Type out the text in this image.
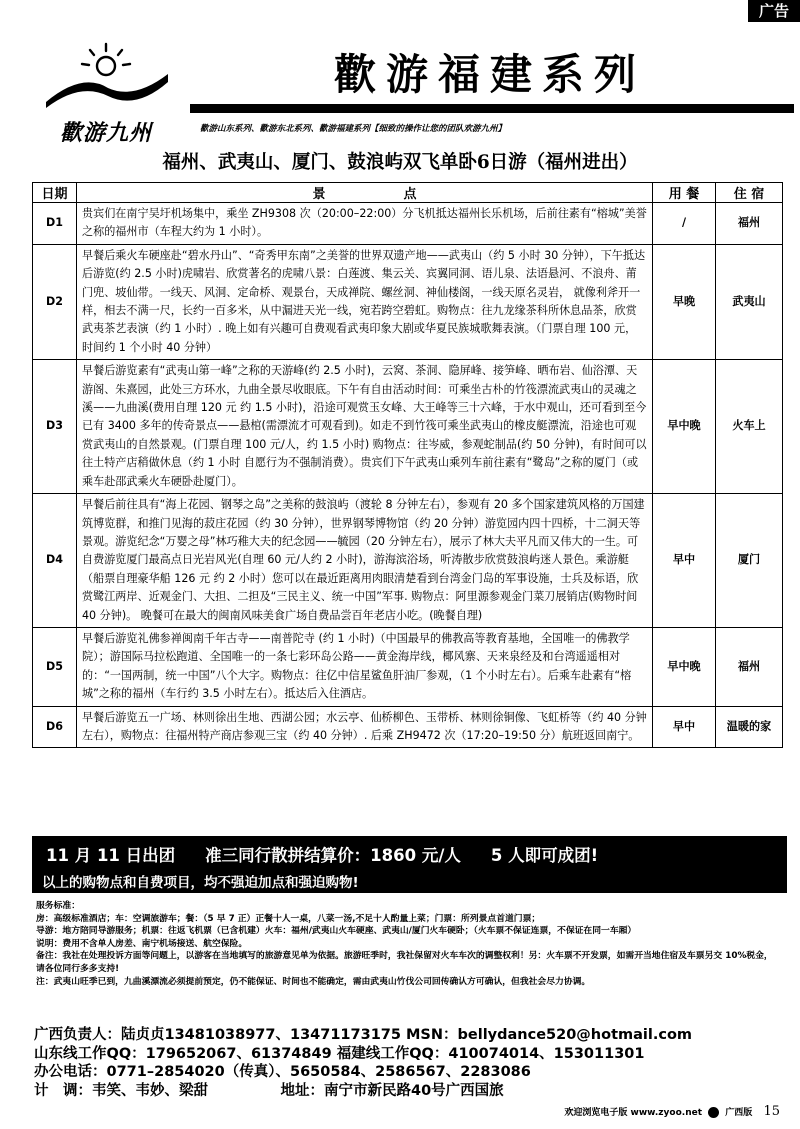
广告
歡游九州
歡游福建系列
歡游山东系列、歡游东北系列、歡游福建系列【细致的操作让您的团队欢游九州】
福州、武夷山、厦门、鼓浪屿双飞单卧6日游（福州进出）
日期	景　　　　　　点	用 餐	住 宿
D1	贵宾们在南宁吴圩机场集中，乘坐 ZH9308 次（20:00–22:00）分飞机抵达福州长乐机场，后前往素有“榕城”美誉之称的福州市（车程大约为 1 小时）。	/	福州
D2	早餐后乘火车硬座赴“碧水丹山”、“奇秀甲东南”之美誉的世界双遗产地——武夷山（约 5 小时 30 分钟），下午抵达后游览(约 2.5 小时)虎啸岩、欣赏著名的虎啸八景：白莲渡、集云关、宾翼同洞、语儿泉、法语悬河、不浪舟、莆门兜、坡仙带。一线天、风洞、定命桥、观景台，天成禅院、螺丝洞、神仙楼阁，一线天原名灵岩， 就像利斧开一样，相去不满一尺，长约一百多米，从中漏进天光一线，宛若跨空碧虹。购物点：往九龙缘茶科所休息品茶，欣赏武夷茶艺表演（约 1 小时）. 晚上如有兴趣可自费观看武夷印象大剧或华夏民族城歌舞表演。（门票自理 100 元，时间约 1 个小时 40 分钟）	早晚	武夷山
D3	早餐后游览素有“武夷山第一峰”之称的天游峰(约 2.5 小时)，云窝、茶洞、隐屏峰、接笋峰、晒布岩、仙浴潭、天游阁、朱熹园，此处三方环水，九曲全景尽收眼底。下午有自由活动时间：可乘坐古朴的竹筏漂流武夷山的灵魂之溪——九曲溪(费用自理 120 元 约 1.5 小时)，沿途可观赏玉女峰、大王峰等三十六峰，于水中观山，还可看到至今已有 3400 多年的传奇景点——悬棺(需漂流才可观看到)。如走不到竹筏可乘坐武夷山的橡皮艇漂流，沿途也可观赏武夷山的自然景观。(门票自理 100 元/人，约 1.5 小时) 购物点：往岑威，参观蛇制品(约 50 分钟)，有时间可以往土特产店稍做休息（约 1 小时 自愿行为不强制消费）。贵宾们下午武夷山乘列车前往素有“鹭岛”之称的厦门（或乘车赴邵武乘火车硬卧赴厦门）。	早中晚	火车上
D4	早餐后前往具有“海上花园、钢琴之岛”之美称的鼓浪屿（渡轮 8 分钟左右），参观有 20 多个国家建筑风格的万国建筑博览群，和推门见海的菽庄花园（约 30 分钟），世界钢琴博物馆（约 20 分钟）游览园内四十四桥，十二洞天等景观。游览纪念“万婴之母”林巧稚大夫的纪念园——毓园（20 分钟左右），展示了林大夫平凡而又伟大的一生。可自费游览厦门最高点日光岩风光(自理 60 元/人约 2 小时)，游海滨浴场，听涛散步欣赏鼓浪屿迷人景色。乘游艇（船票自理豪华船 126 元 约 2 小时）您可以在最近距离用肉眼清楚看到台湾金门岛的军事设施，士兵及标语，欣赏鹭江两岸、近观金门、大担、二担及“三民主义、统一中国”军事. 购物点：阿里源参观金门菜刀展销店(购物时间 40 分钟)。 晚餐可在最大的闽南风味美食广场自费品尝百年老店小吃。(晚餐自理)	早中	厦门
D5	早餐后游览礼佛参禅闽南千年古寺——南普陀寺 (约 1 小时)（中国最早的佛教高等教育基地，全国唯一的佛教学院）；游国际马拉松跑道、全国唯一的一条七彩环岛公路——黄金海岸线，椰风寨、天来泉经及和台湾遥遥相对的：“一国两制，统一中国”八个大字。购物点：往亿中信星鲨鱼肝油厂参观，（1 个小时左右）。后乘车赴素有“榕城”之称的福州（车行约 3.5 小时左右）。抵达后入住酒店。	早中晚	福州
D6	早餐后游览五一广场、林则徐出生地、西湖公园；水云亭、仙桥柳色、玉带桥、林则徐铜像、飞虹桥等（约 40 分钟左右），购物点：往福州特产商店参观三宝（约 40 分钟）. 后乘 ZH9472 次（17:20–19:50 分）航班返回南宁。	早中	温暖的家
11 月 11 日出团 准三同行散拼结算价：1860 元/人 5 人即可成团!
以上的购物点和自费项目，均不强迫加点和强迫购物!
服务标准：
房：高级标准酒店；车：空调旅游车；餐：（5 早 7 正）正餐十人一桌，八菜一汤,不足十人酌量上菜；门票：所列景点首道门票；
导游：地方陪同导游服务；机票：往返飞机票（已含机建）火车：福州/武夷山火车硬座、武夷山/厦门火车硬卧；（火车票不保证连票，不保证在同一车厢）
说明：费用不含单人房差、南宁机场接送、航空保险。
备注：我社在处理投诉方面等问题上，以游客在当地填写的旅游意见单为依据。旅游旺季时，我社保留对火车车次的调整权利！另：火车票不开发票，如需开当地住宿及车票另交 10%税金，请各位同行多多支持!
注：武夷山旺季已到，九曲溪漂流必须提前预定，仍不能保证、时间也不能确定，需由武夷山竹伐公司回传确认方可确认，但我社会尽力协调。
广西负责人：陆贞贞13481038977、13471173175 MSN：bellydance520@hotmail.com
山东线工作QQ：179652067、61374849 福建线工作QQ：410074014、153011301
办公电话：0771–2854020（传真）、5650584、2586567、2283086
计　调：韦笑、韦妙、梁甜　　　　　地址：南宁市新民路40号广西国旅
欢迎浏览电子版 www.zyoo.net	广西版 15
